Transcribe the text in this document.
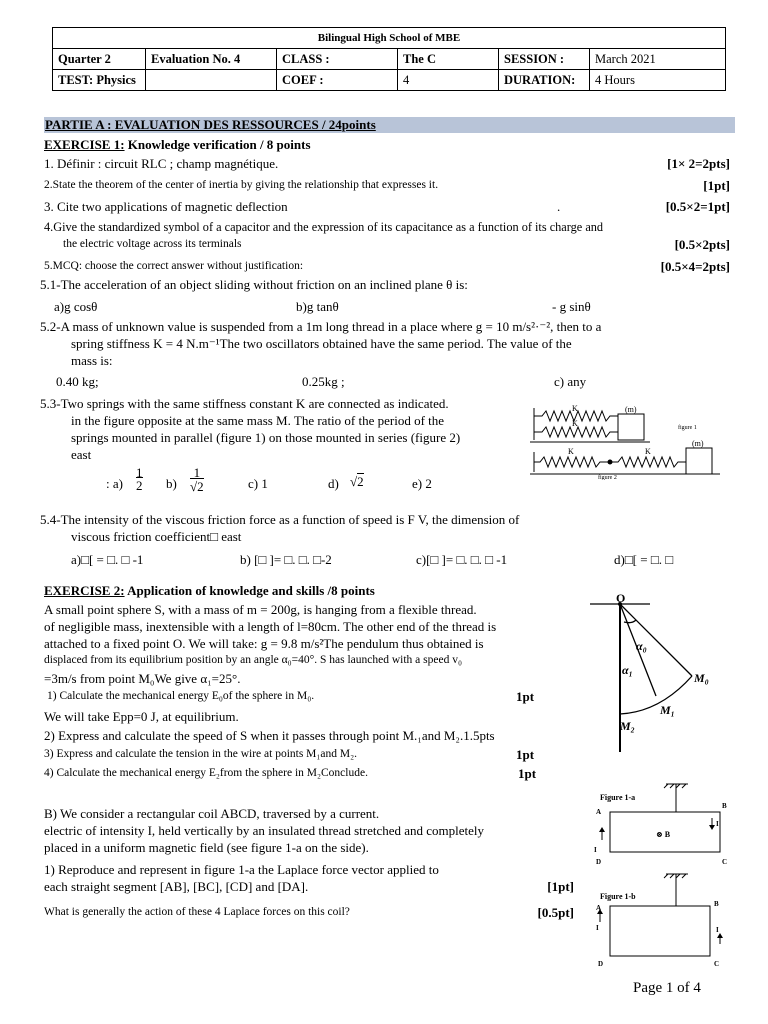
Bilingual High School of MBE					
Quarter 2	Evaluation No. 4	CLASS :	The C	SESSION :	March 2021
TEST: Physics		COEF :	4	DURATION:	4 Hours
PARTIE A : EVALUATION DES RESSOURCES / 24points
EXERCISE 1: Knowledge verification / 8 points
1. Définir : circuit RLC ; champ magnétique.	[1× 2=2pts]
2.State the theorem of the center of inertia by giving the relationship that expresses it.	[1pt]
3. Cite two applications of magnetic deflection	.	[0.5×2=1pt]
4.Give the standardized symbol of a capacitor and the expression of its capacitance as a function of its charge and
the electric voltage across its terminals	[0.5×2pts]
5.MCQ: choose the correct answer without justification:	[0.5×4=2pts]
5.1-The acceleration of an object sliding without friction on an inclined plane θ is:
a)g cosθ	b)g tanθ	- g sinθ
5.2-A mass of unknown value is suspended from a 1m long thread in a place where g = 10 m/s²·⁻², then to a
spring stiffness K = 4 N.m⁻¹The two oscillators obtained have the same period. The value of the
mass is:
0.40 kg;	0.25kg ;	c) any
5.3-Two springs with the same stiffness constant K are connected as indicated.
in the figure opposite at the same mass M. The ratio of the period of the
springs mounted in parallel (figure 1) on those mounted in series (figure 2)
east
K
K
(m)
figure 1
K	K
(m)
figure 2
: a)
1
2 b)
1
√2	c) 1	d) √2	e) 2
5.4-The intensity of the viscous friction force as a function of speed is F V, the dimension of
viscous friction coefficient□ east
a)□[ = □. □ -1	b) [□ ]= □. □. □-2	c)[□ ]= □. □. □ -1	d)□[ = □. □
EXERCISE 2: Application of knowledge and skills /8 points
A small point sphere S, with a mass of m = 200g, is hanging from a flexible thread.
of negligible mass, inextensible with a length of l=80cm. The other end of the thread is
attached to a fixed point O. We will take: g = 9.8 m/s²The pendulum thus obtained is
displaced from its equilibrium position by an angle α₀=40°. S has launched with a speed v₀
=3m/s from point M₀We give α₁=25°.
1) Calculate the mechanical energy E₀of the sphere in M₀.	1pt
We will take Epp=0 J, at equilibrium.
2) Express and calculate the speed of S when it passes through point M.₁and M₂.1.5pts
3) Express and calculate the tension in the wire at points M₁and M₂.	1pt
4) Calculate the mechanical energy E₂from the sphere in M₂Conclude.	1pt
O
α₀
α₁
M₀
M₁
M₂
B) We consider a rectangular coil ABCD, traversed by a current.
electric of intensity I, held vertically by an insulated thread stretched and completely
placed in a uniform magnetic field (see figure 1-a on the side).
1) Reproduce and represent in figure 1-a the Laplace force vector applied to
each straight segment [AB], [BC], [CD] and [DA].	[1pt]
What is generally the action of these 4 Laplace forces on this coil?	[0.5pt]
Figure 1-a
A
B
C
D
I
I
⊗ B⃗
Figure 1-b
A	B
C
D
I	I
Page 1 of 4
